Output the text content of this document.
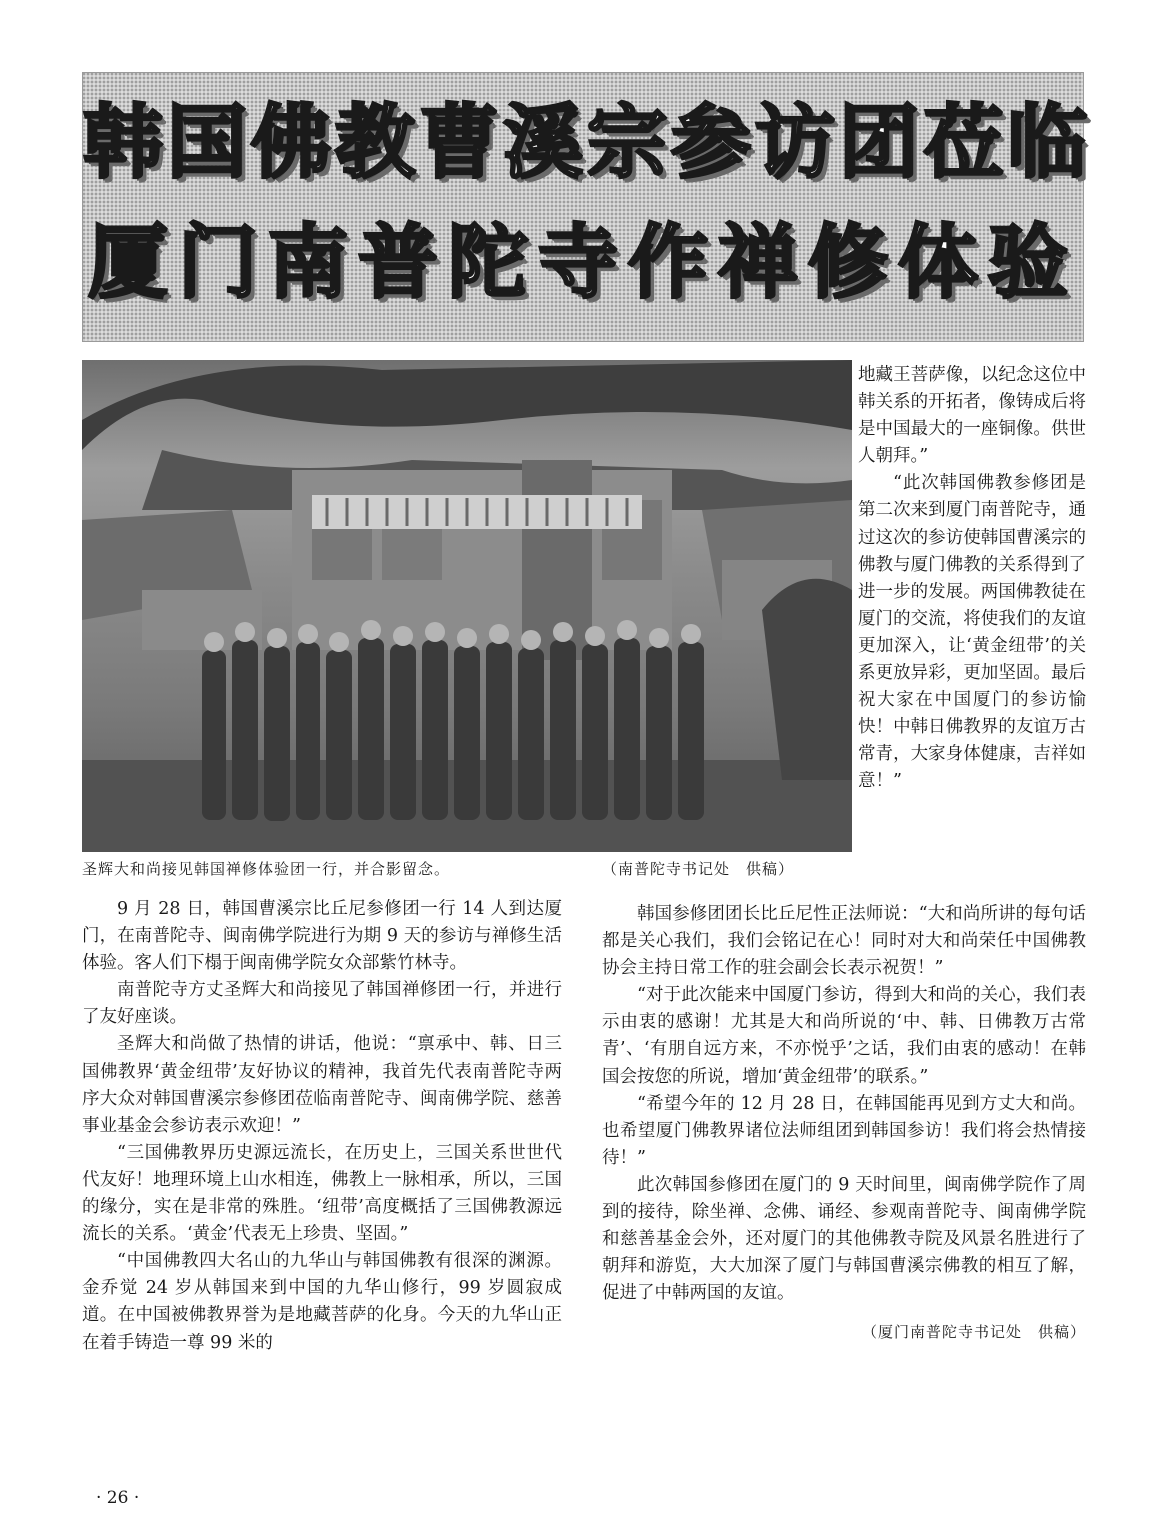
韩国佛教曹溪宗参访团莅临
厦门南普陀寺作禅修体验
圣辉大和尚接见韩国禅修体验团一行，并合影留念。	（南普陀寺书记处　供稿）

地藏王菩萨像，以纪念这位中韩关系的开拓者，像铸成后将是中国最大的一座铜像。供世人朝拜。”

“此次韩国佛教参修团是第二次来到厦门南普陀寺，通过这次的参访使韩国曹溪宗的佛教与厦门佛教的关系得到了进一步的发展。两国佛教徒在厦门的交流，将使我们的友谊更加深入，让‘黄金纽带’的关系更放异彩，更加坚固。最后祝大家在中国厦门的参访愉快！中韩日佛教界的友谊万古常青，大家身体健康，吉祥如意！”

9 月 28 日，韩国曹溪宗比丘尼参修团一行 14 人到达厦门，在南普陀寺、闽南佛学院进行为期 9 天的参访与禅修生活体验。客人们下榻于闽南佛学院女众部紫竹林寺。

南普陀寺方丈圣辉大和尚接见了韩国禅修团一行，并进行了友好座谈。

圣辉大和尚做了热情的讲话，他说：“禀承中、韩、日三国佛教界‘黄金纽带’友好协议的精神，我首先代表南普陀寺两序大众对韩国曹溪宗参修团莅临南普陀寺、闽南佛学院、慈善事业基金会参访表示欢迎！”

“三国佛教界历史源远流长，在历史上，三国关系世世代代友好！地理环境上山水相连，佛教上一脉相承，所以，三国的缘分，实在是非常的殊胜。‘纽带’高度概括了三国佛教源远流长的关系。‘黄金’代表无上珍贵、坚固。”

“中国佛教四大名山的九华山与韩国佛教有很深的渊源。金乔觉 24 岁从韩国来到中国的九华山修行，99 岁圆寂成道。在中国被佛教界誉为是地藏菩萨的化身。今天的九华山正在着手铸造一尊 99 米的

韩国参修团团长比丘尼性正法师说：“大和尚所讲的每句话都是关心我们，我们会铭记在心！同时对大和尚荣任中国佛教协会主持日常工作的驻会副会长表示祝贺！”

“对于此次能来中国厦门参访，得到大和尚的关心，我们表示由衷的感谢！尤其是大和尚所说的‘中、韩、日佛教万古常青’、‘有朋自远方来，不亦悦乎’之话，我们由衷的感动！在韩国会按您的所说，增加‘黄金纽带’的联系。”

“希望今年的 12 月 28 日，在韩国能再见到方丈大和尚。也希望厦门佛教界诸位法师组团到韩国参访！我们将会热情接待！”

此次韩国参修团在厦门的 9 天时间里，闽南佛学院作了周到的接待，除坐禅、念佛、诵经、参观南普陀寺、闽南佛学院和慈善基金会外，还对厦门的其他佛教寺院及风景名胜进行了朝拜和游览，大大加深了厦门与韩国曹溪宗佛教的相互了解，促进了中韩两国的友谊。

（厦门南普陀寺书记处　供稿）

· 26 ·
